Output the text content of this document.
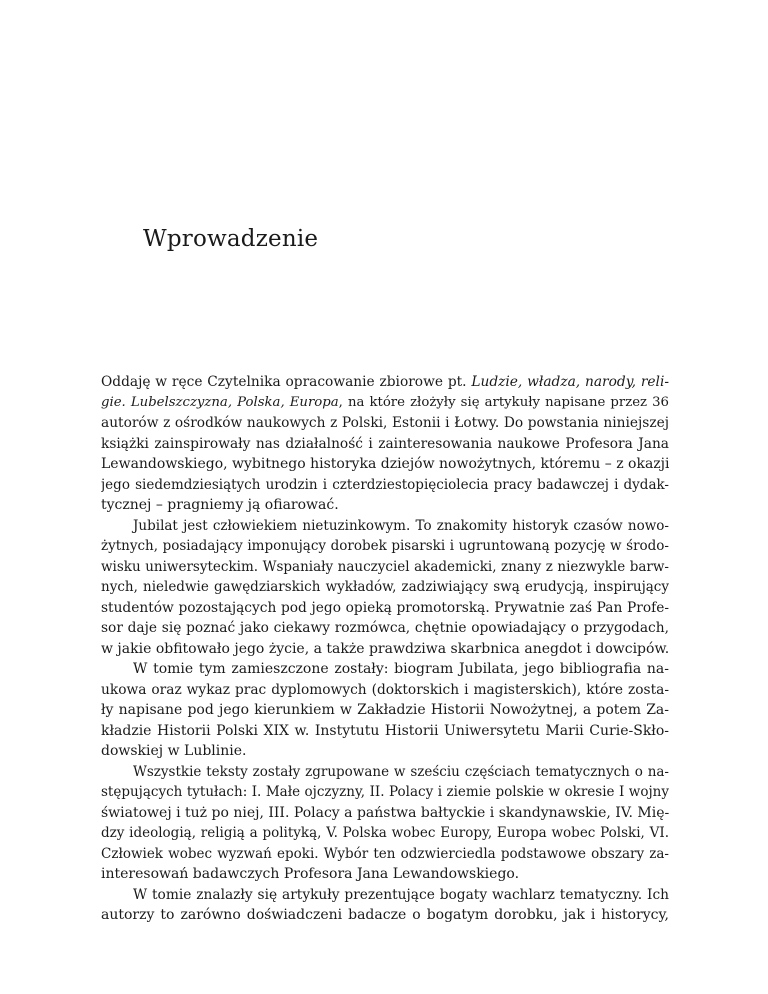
Wprowadzenie
Oddaję w ręce Czytelnika opracowanie zbiorowe pt. Ludzie, władza, narody, reli-
gie. Lubelszczyzna, Polska, Europa, na które złożyły się artykuły napisane przez 36
autorów z ośrodków naukowych z Polski, Estonii i Łotwy. Do powstania niniejszej
książki zainspirowały nas działalność i zainteresowania naukowe Profesora Jana
Lewandowskiego, wybitnego historyka dziejów nowożytnych, któremu – z okazji
jego siedemdziesiątych urodzin i czterdziestopięciolecia pracy badawczej i dydak-
tycznej – pragniemy ją ofiarować.
Jubilat jest człowiekiem nietuzinkowym. To znakomity historyk czasów nowo-
żytnych, posiadający imponujący dorobek pisarski i ugruntowaną pozycję w środo-
wisku uniwersyteckim. Wspaniały nauczyciel akademicki, znany z niezwykle barw-
nych, nieledwie gawędziarskich wykładów, zadziwiający swą erudycją, inspirujący
studentów pozostających pod jego opieką promotorską. Prywatnie zaś Pan Profe-
sor daje się poznać jako ciekawy rozmówca, chętnie opowiadający o przygodach,
w jakie obfitowało jego życie, a także prawdziwa skarbnica anegdot i dowcipów.
W tomie tym zamieszczone zostały: biogram Jubilata, jego bibliografia na-
ukowa oraz wykaz prac dyplomowych (doktorskich i magisterskich), które zosta-
ły napisane pod jego kierunkiem w Zakładzie Historii Nowożytnej, a potem Za-
kładzie Historii Polski XIX w. Instytutu Historii Uniwersytetu Marii Curie-Skło-
dowskiej w Lublinie.
Wszystkie teksty zostały zgrupowane w sześciu częściach tematycznych o na-
stępujących tytułach: I. Małe ojczyzny, II. Polacy i ziemie polskie w okresie I wojny
światowej i tuż po niej, III. Polacy a państwa bałtyckie i skandynawskie, IV. Mię-
dzy ideologią, religią a polityką, V. Polska wobec Europy, Europa wobec Polski, VI.
Człowiek wobec wyzwań epoki. Wybór ten odzwierciedla podstawowe obszary za-
interesowań badawczych Profesora Jana Lewandowskiego.
W tomie znalazły się artykuły prezentujące bogaty wachlarz tematyczny. Ich
autorzy to zarówno doświadczeni badacze o bogatym dorobku, jak i historycy,
